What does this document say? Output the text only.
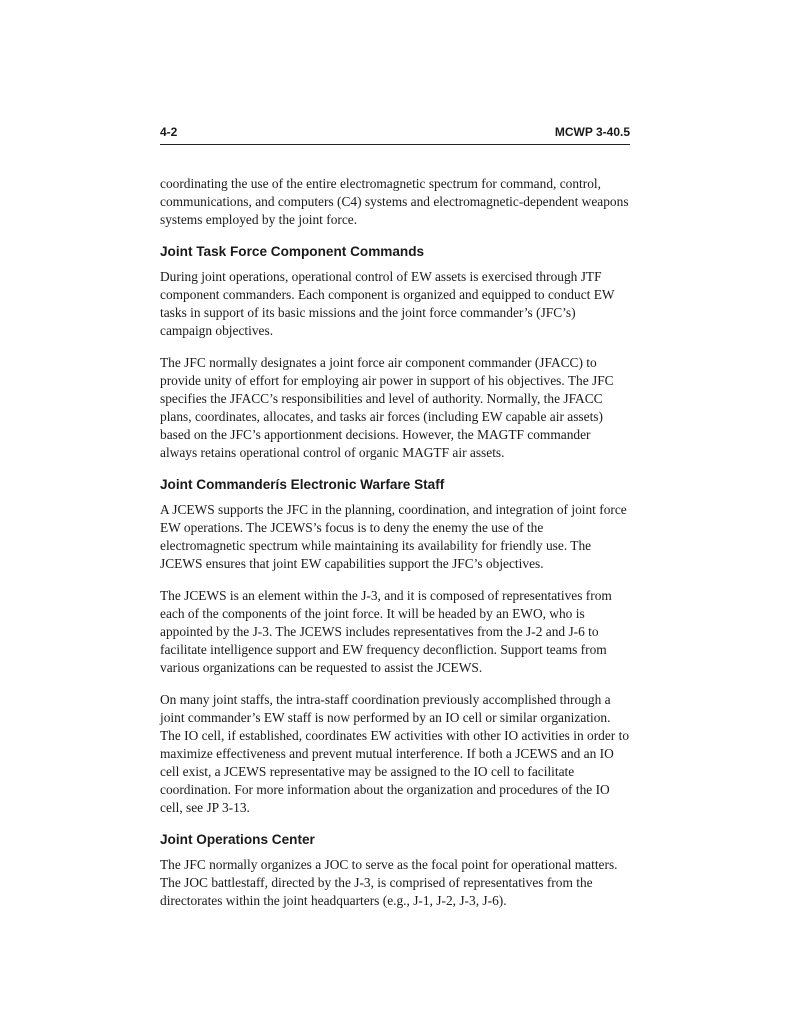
4-2	MCWP 3-40.5

coordinating the use of the entire electromagnetic spectrum for command, control, communications, and computers (C4) systems and electromagnetic-dependent weapons systems employed by the joint force.

Joint Task Force Component Commands

During joint operations, operational control of EW assets is exercised through JTF component commanders. Each component is organized and equipped to conduct EW tasks in support of its basic missions and the joint force commander’s (JFC’s) campaign objectives.

The JFC normally designates a joint force air component commander (JFACC) to provide unity of effort for employing air power in support of his objectives. The JFC specifies the JFACC’s responsibilities and level of authority. Normally, the JFACC plans, coordinates, allocates, and tasks air forces (including EW capable air assets) based on the JFC’s apportionment decisions. However, the MAGTF commander always retains operational control of organic MAGTF air assets.

Joint Commanderís Electronic Warfare Staff

A JCEWS supports the JFC in the planning, coordination, and integration of joint force EW operations. The JCEWS’s focus is to deny the enemy the use of the electromagnetic spectrum while maintaining its availability for friendly use. The JCEWS ensures that joint EW capabilities support the JFC’s objectives.

The JCEWS is an element within the J-3, and it is composed of representatives from each of the components of the joint force. It will be headed by an EWO, who is appointed by the J-3. The JCEWS includes representatives from the J-2 and J-6 to facilitate intelligence support and EW frequency deconfliction. Support teams from various organizations can be requested to assist the JCEWS.

On many joint staffs, the intra-staff coordination previously accomplished through a joint commander’s EW staff is now performed by an IO cell or similar organization. The IO cell, if established, coordinates EW activities with other IO activities in order to maximize effectiveness and prevent mutual interference. If both a JCEWS and an IO cell exist, a JCEWS representative may be assigned to the IO cell to facilitate coordination. For more information about the organization and procedures of the IO cell, see JP 3-13.

Joint Operations Center

The JFC normally organizes a JOC to serve as the focal point for operational matters. The JOC battlestaff, directed by the J-3, is comprised of representatives from the directorates within the joint headquarters (e.g., J-1, J-2, J-3, J-6).
